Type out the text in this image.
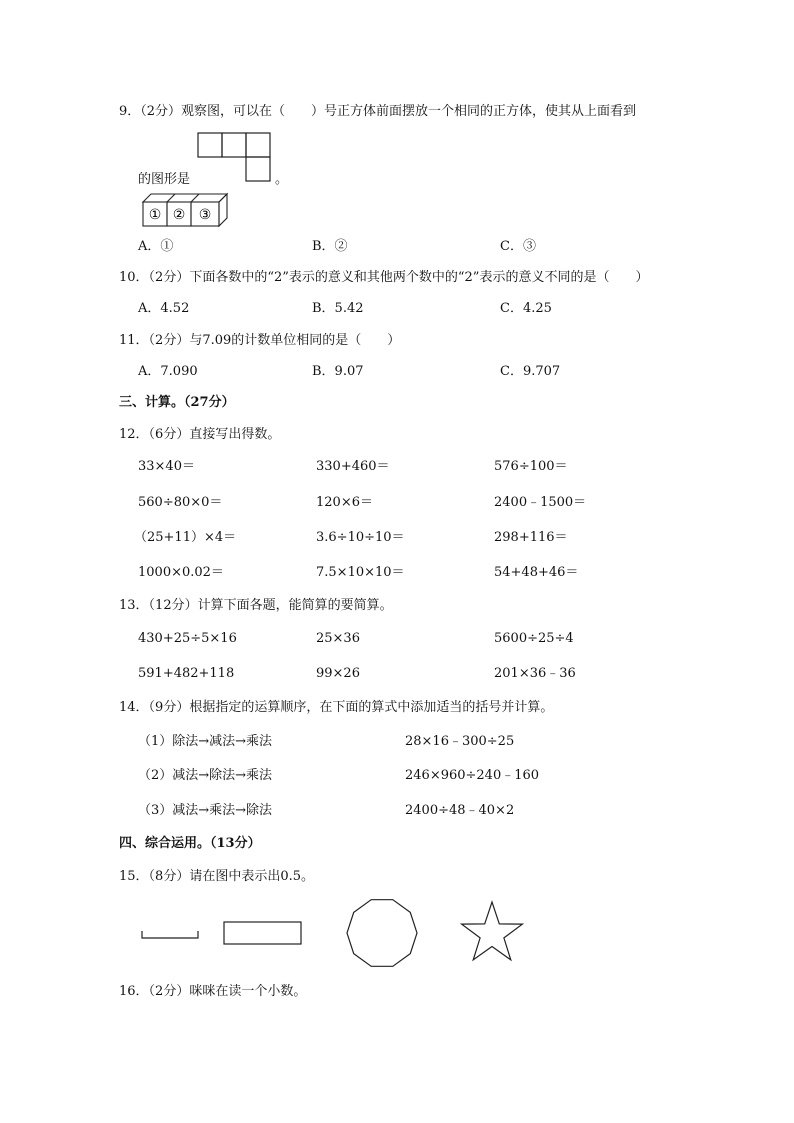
9．（2分）观察图，可以在（　　）号正方体前面摆放一个相同的正方体，使其从上面看到
的图形是	。
① ② ③
A．①	B．②	C．③
10．（2分）下面各数中的“2”表示的意义和其他两个数中的“2”表示的意义不同的是（　　）
A．4.52	B．5.42	C．4.25
11．（2分）与7.09的计数单位相同的是（　　）
A．7.090	B．9.07	C．9.707
三、计算。（27分）
12．（6分）直接写出得数。
33×40＝	330+460＝	576÷100＝
560÷80×0＝	120×6＝	2400﹣1500＝
（25+11）×4＝	3.6÷10÷10＝	298+116＝
1000×0.02＝	7.5×10×10＝	54+48+46＝
13．（12分）计算下面各题，能简算的要简算。
430+25÷5×16	25×36	5600÷25÷4
591+482+118	99×26	201×36﹣36
14．（9分）根据指定的运算顺序，在下面的算式中添加适当的括号并计算。
（1）除法→减法→乘法	28×16﹣300÷25
（2）减法→除法→乘法	246×960÷240﹣160
（3）减法→乘法→除法	2400÷48﹣40×2
四、综合运用。（13分）
15．（8分）请在图中表示出0.5。
16．（2分）咪咪在读一个小数。
